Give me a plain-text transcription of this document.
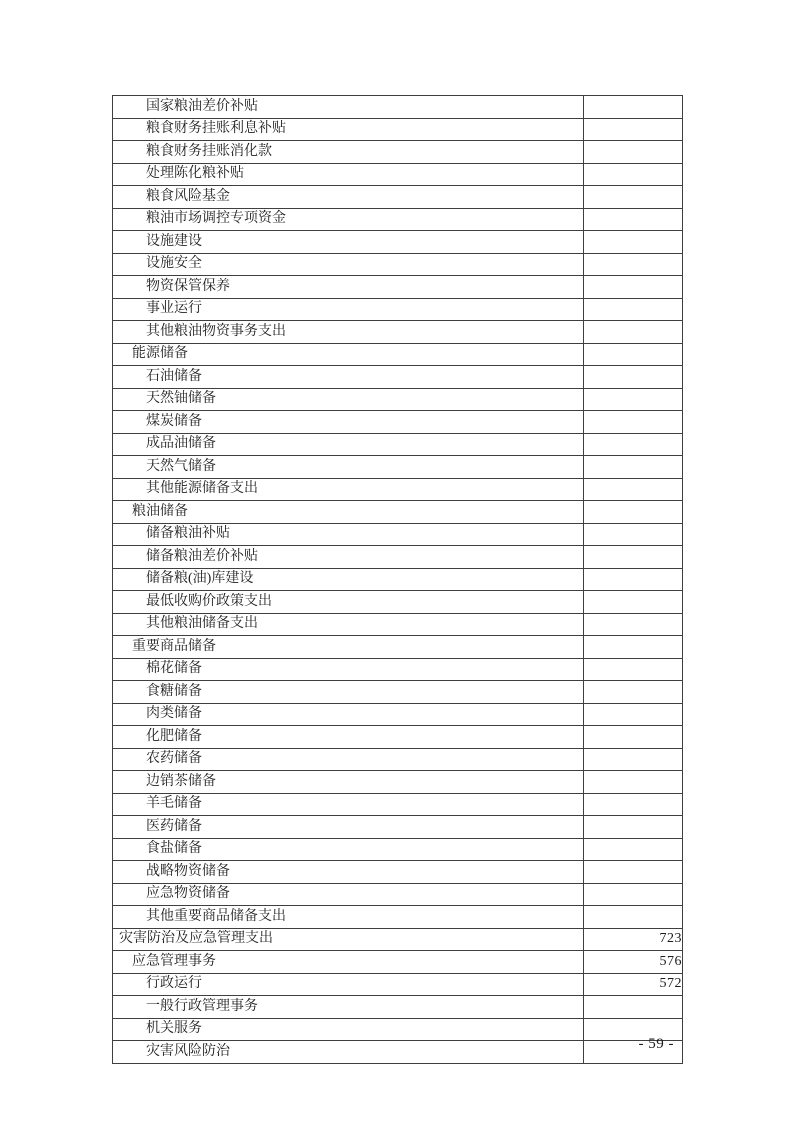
国家粮油差价补贴	
粮食财务挂账利息补贴	
粮食财务挂账消化款	
处理陈化粮补贴	
粮食风险基金	
粮油市场调控专项资金	
设施建设	
设施安全	
物资保管保养	
事业运行	
其他粮油物资事务支出	
能源储备	
石油储备	
天然铀储备	
煤炭储备	
成品油储备	
天然气储备	
其他能源储备支出	
粮油储备	
储备粮油补贴	
储备粮油差价补贴	
储备粮(油)库建设	
最低收购价政策支出	
其他粮油储备支出	
重要商品储备	
棉花储备	
食糖储备	
肉类储备	
化肥储备	
农药储备	
边销茶储备	
羊毛储备	
医药储备	
食盐储备	
战略物资储备	
应急物资储备	
其他重要商品储备支出	
灾害防治及应急管理支出	723
应急管理事务	576
行政运行	572
一般行政管理事务	
机关服务	
灾害风险防治		- 59 -
